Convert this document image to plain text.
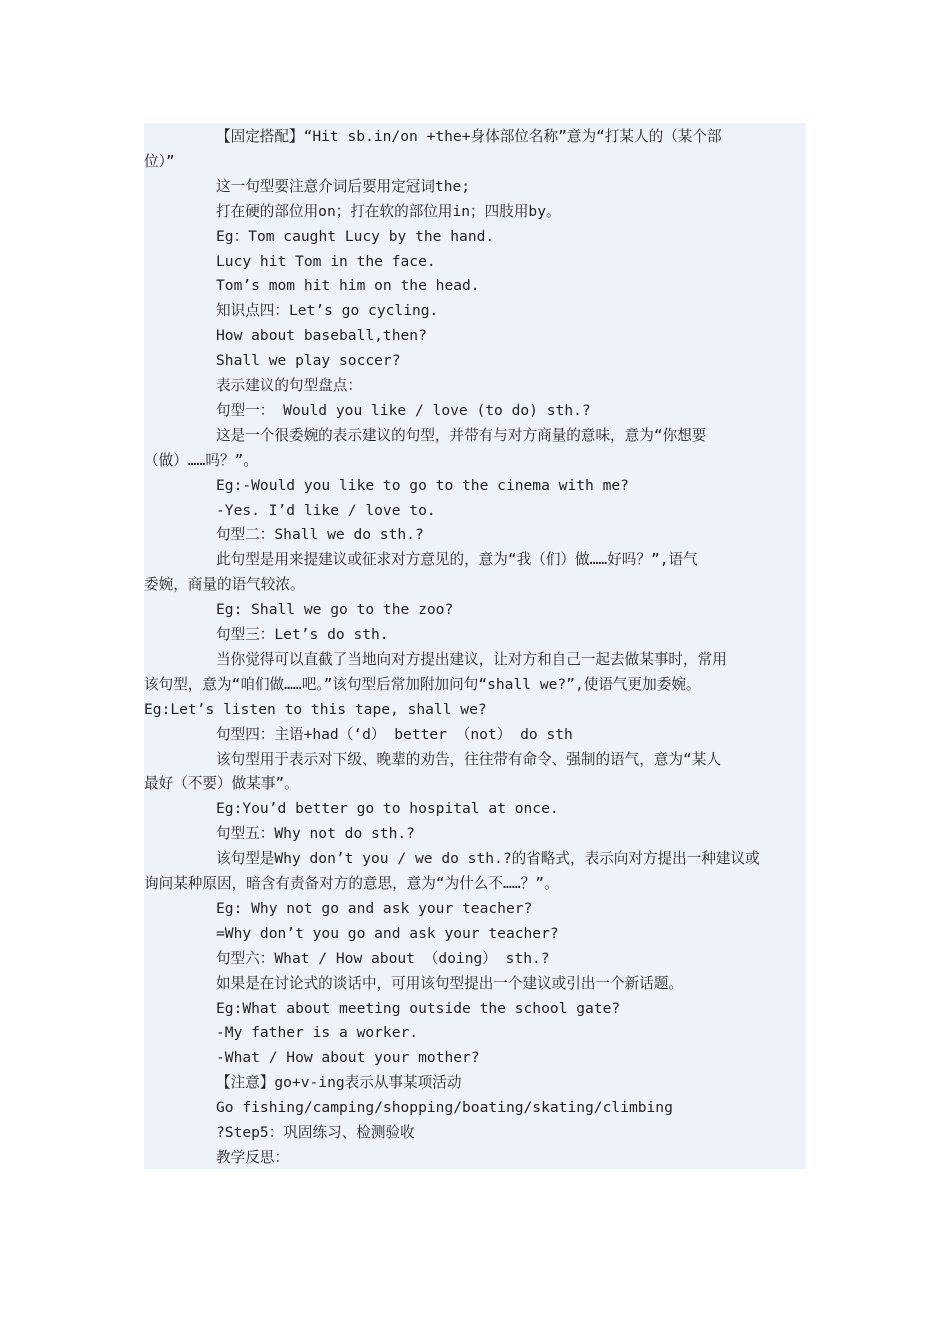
【固定搭配】“Hit sb.in/on +the+身体部位名称”意为“打某人的（某个部
位）”
这一句型要注意介词后要用定冠词the;
打在硬的部位用on；打在软的部位用in；四肢用by。
Eg：Tom caught Lucy by the hand.
Lucy hit Tom in the face.
Tom’s mom hit him on the head.
知识点四：Let’s go cycling.
How about baseball,then?
Shall we play soccer?
表示建议的句型盘点：
句型一： Would you like / love (to do) sth.?
这是一个很委婉的表示建议的句型，并带有与对方商量的意味，意为“你想要
（做）……吗？”。
Eg:-Would you like to go to the cinema with me?
-Yes. I’d like / love to.
句型二：Shall we do sth.?
此句型是用来提建议或征求对方意见的，意为“我（们）做……好吗？”,语气
委婉，商量的语气较浓。
Eg: Shall we go to the zoo?
句型三：Let’s do sth.
当你觉得可以直截了当地向对方提出建议，让对方和自己一起去做某事时，常用
该句型，意为“咱们做……吧。”该句型后常加附加问句“shall we?”,使语气更加委婉。
Eg:Let’s listen to this tape, shall we?
句型四：主语+had（‘d） better （not） do sth
该句型用于表示对下级、晚辈的劝告，往往带有命令、强制的语气，意为“某人
最好（不要）做某事”。
Eg:You’d better go to hospital at once.
句型五：Why not do sth.?
该句型是Why don’t you / we do sth.?的省略式，表示向对方提出一种建议或
询问某种原因，暗含有责备对方的意思，意为“为什么不……？”。
Eg: Why not go and ask your teacher?
=Why don’t you go and ask your teacher?
句型六：What / How about （doing） sth.?
如果是在讨论式的谈话中，可用该句型提出一个建议或引出一个新话题。
Eg:What about meeting outside the school gate?
-My father is a worker.
-What / How about your mother?
【注意】go+v-ing表示从事某项活动
Go fishing/camping/shopping/boating/skating/climbing
?Step5：巩固练习、检测验收
教学反思：
